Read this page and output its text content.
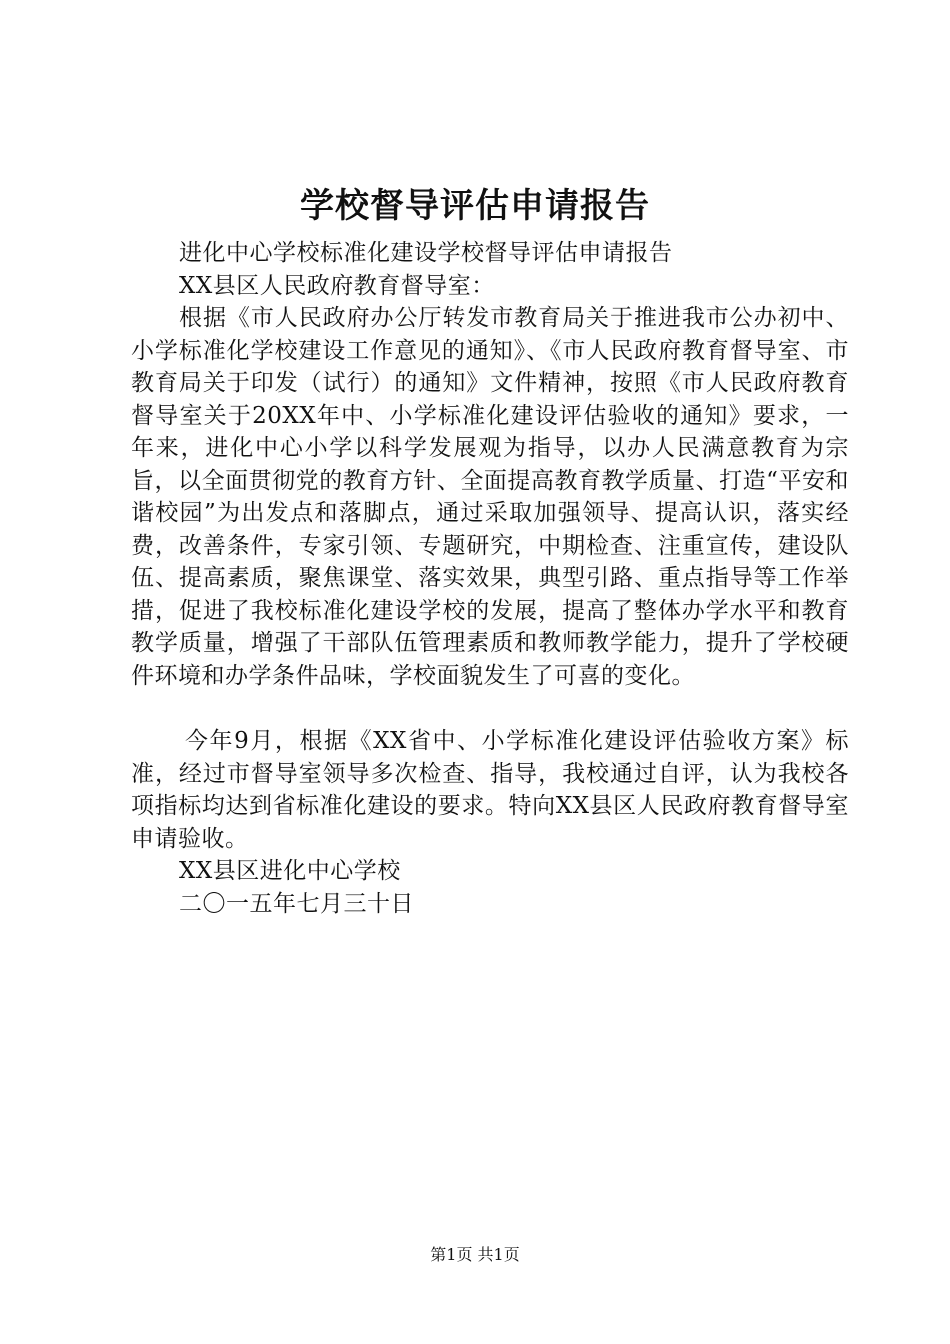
学校督导评估申请报告

进化中心学校标准化建设学校督导评估申请报告

XX县区人民政府教育督导室：

根据《市人民政府办公厅转发市教育局关于推进我市公办初中、小学标准化学校建设工作意见的通知》、《市人民政府教育督导室、市教育局关于印发（试行）的通知》文件精神，按照《市人民政府教育督导室关于20XX年中、小学标准化建设评估验收的通知》要求，一年来，进化中心小学以科学发展观为指导，以办人民满意教育为宗旨，以全面贯彻党的教育方针、全面提高教育教学质量、打造“平安和谐校园”为出发点和落脚点，通过采取加强领导、提高认识，落实经费，改善条件，专家引领、专题研究，中期检查、注重宣传，建设队伍、提高素质，聚焦课堂、落实效果，典型引路、重点指导等工作举措，促进了我校标准化建设学校的发展，提高了整体办学水平和教育教学质量，增强了干部队伍管理素质和教师教学能力，提升了学校硬件环境和办学条件品味，学校面貌发生了可喜的变化。

今年9月，根据《XX省中、小学标准化建设评估验收方案》标准，经过市督导室领导多次检查、指导，我校通过自评，认为我校各项指标均达到省标准化建设的要求。特向XX县区人民政府教育督导室申请验收。

XX县区进化中心学校

二〇一五年七月三十日

第1页 共1页
